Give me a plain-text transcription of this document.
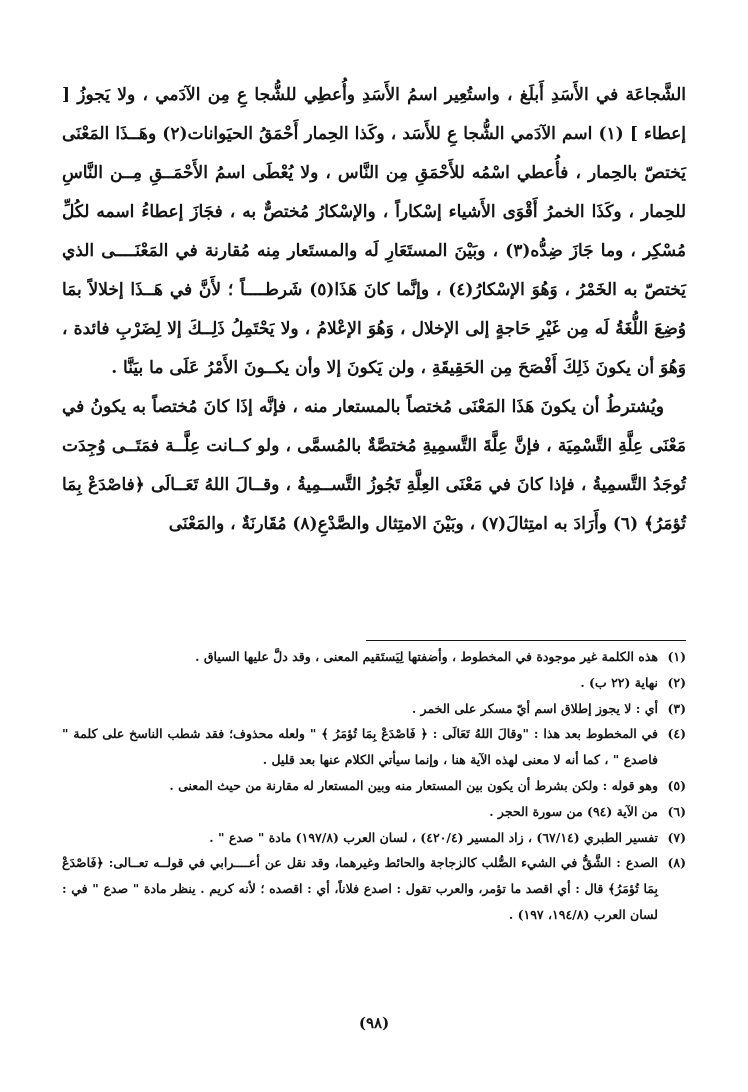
الشَّجاعَة في الأَسَدِ أَبلَغ ، واستُعِير اسمُ الأَسَدِ وأُعطِي للشُّجا عِ مِن الآدَمي ، ولا يَجوزُ [ إعطاء ] (١) اسم الآدَمي الشُّجا عِ للأَسَد ، وكَذا الحِمار أَحْمَقُ الحيَوانات(٢) وهَــذَا المَعْنَى يَختصّ بالحِمار ، فأُعطي اسْمُه للأَحْمَقِ مِن النَّاس ، ولا يُعْطَى اسمُ الأَحْمَــقِ مِــن النَّاسِ للحِمار ، وكَذَا الخمرُ أَقْوَى الأَشياء إسْكاراً ، والإسْكارُ مُختصٌّ به ، فجَازَ إعطاءُ اسمه لكُلِّ مُسْكِر ، وما جَازَ ضِدُّه(٣) ، وبَيْنَ المستَعَارِ لَه والمستَعار مِنه مُقارنة في المَعْنَــــى الذي يَختصّ به الخَمْرُ ، وَهُوَ الإسْكارُ(٤) ، وإنَّما كانَ هَذَا(٥) شَرطــــاً ؛ لأَنَّ في هَــذَا إخلالاً بمَا وُضِعَ اللُّغَةُ لَه مِن غَيْرِ حَاجةٍ إلى الإخلال ، وَهُوَ الإعْلامُ ، ولا يَحْتَمِلُ ذَلِــكَ إلا لِضَرْبِ فائدة ، وَهُوَ أن يكونَ ذَلِكَ أَفْصَحَ مِن الحَقِيقَةِ ، ولن يَكونَ إلا وأن يكــونَ الأَمْرُ عَلَى ما بيَنَّا .

ويُشترطُ أن يكونَ هَذَا المَعْنَى مُختصاً بالمستعار منه ، فإنَّه إذَا كانَ مُختصاً به يكونُ في مَعْنَى عِلَّةِ التَّسْمِيَة ، فإنَّ عِلَّةَ التَّسمِيةِ مُختصَّةٌ بالمُسمَّى ، ولو كــانت عِلَّــة فمَتَــى وُجِدَت تُوجَدُ التَّسمِيةُ ، فإذا كانَ في مَعْنَى العِلَّةِ تَجُوزُ التَّســمِيةُ ، وقــالَ اللهُ تَعَــالَى ﴿فاصْدَعْ بِمَا تُؤمَرُ﴾ (٦) وأَرَادَ به امتِثالَ(٧) ، وبَيْنَ الامتِثال والصَّدْعِ(٨) مُقَارنَةٌ ، والمَعْنَى

(١)
هذه الكلمة غير موجودة في المخطوط ، وأضفتها لِيَستَقيم المعنى ، وقد دلَّ عليها السياق .
(٢)
نهاية (٢٢ ب) .
(٣)
أي : لا يجوز إطلاق اسم أيّ مسكر على الخمر .
(٤)
في المخطوط بعد هذا : "وقالَ اللهُ تَعَالَى : ﴿ فَاصْدَعْ بِمَا تُؤمَرُ ﴾ " ولعله محذوف؛ فقد شطب الناسخ على كلمة " فاصدع " ، كما أنه لا معنى لهذه الآية هنا ، وإنما سيأتي الكلام عنها بعد قليل .
(٥)
وهو قوله : ولكن بشرط أن يكون بين المستعار منه وبين المستعار له مقارنة من حيث المعنى .
(٦)
من الآية (٩٤) من سورة الحجر .
(٧)
تفسير الطبري (٦٧/١٤) ، زاد المسير (٤٢٠/٤) ، لسان العرب (١٩٧/٨) مادة " صدع " .
(٨)
الصدع : الشَّقُّ في الشيء الصُّلب كالزجاجة والحائط وغيرهما، وقد نقل عن أعــــرابي في قولــه تعــالى: ﴿فَاصْدَعْ بِمَا تُؤمَرُ﴾ قال : أي اقصد ما تؤمر، والعرب تقول : اصدع فلاناً، أي : اقصده ؛ لأنه كريم . ينظر مادة " صدع " في : لسان العرب (١٩٤/٨، ١٩٧) .
(٩٨)
